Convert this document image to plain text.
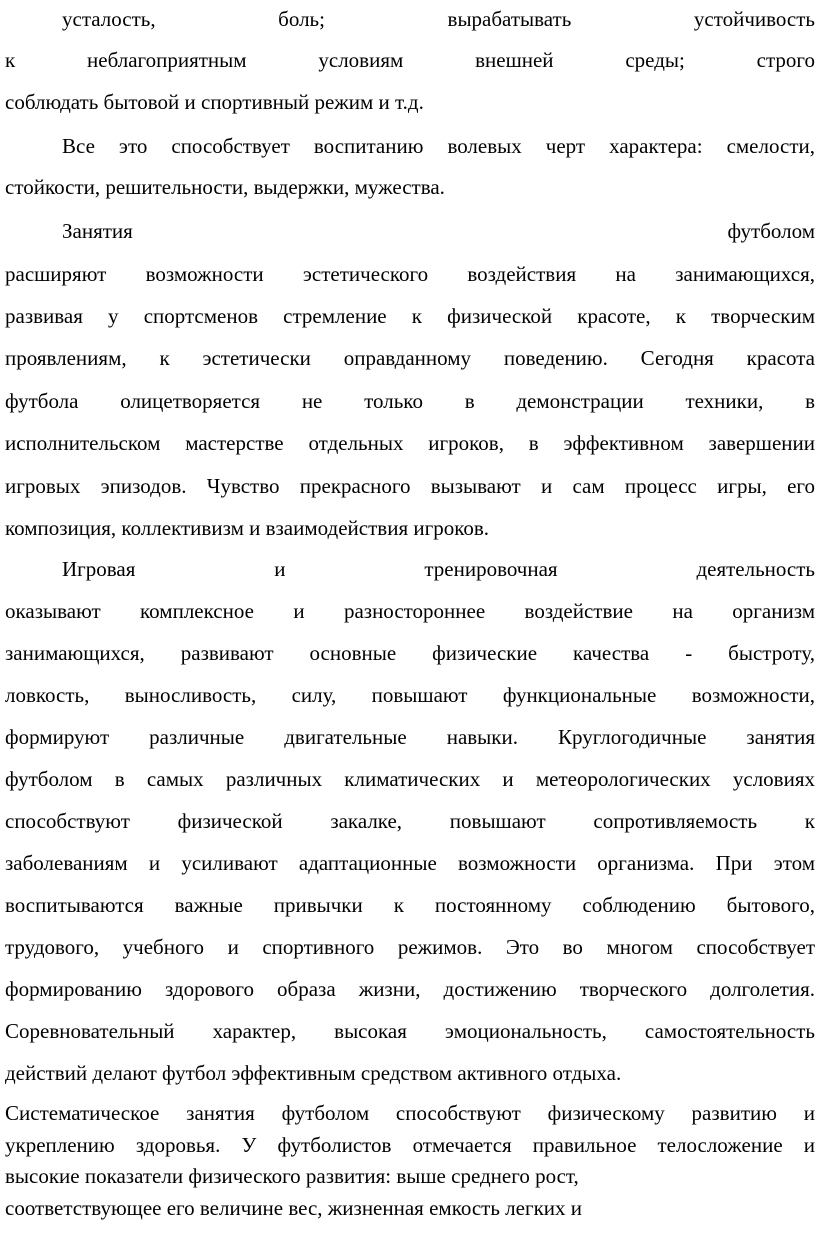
усталость, боль; вырабатывать устойчивость

к неблагоприятным условиям внешней среды; строго

соблюдать бытовой и спортивный режим и т.д.

Все это способствует воспитанию волевых черт характера: смелости,

стойкости, решительности, выдержки, мужества.

Занятия футболом

расширяют возможности эстетического воздействия на занимающихся,

развивая у спортсменов стремление к физической красоте, к творческим

проявлениям, к эстетически оправданному поведению. Сегодня красота

футбола олицетворяется не только в демонстрации техники, в

исполнительском мастерстве отдельных игроков, в эффективном завершении

игровых эпизодов. Чувство прекрасного вызывают и сам процесс игры, его

композиция, коллективизм и взаимодействия игроков.

Игровая и тренировочная деятельность

оказывают комплексное и разностороннее воздействие на организм

занимающихся, развивают основные физические качества - быстроту,

ловкость, выносливость, силу, повышают функциональные возможности,

формируют различные двигательные навыки. Круглогодичные занятия

футболом в самых различных климатических и метеорологических условиях

способствуют физической закалке, повышают сопротивляемость к

заболеваниям и усиливают адаптационные возможности организма. При этом

воспитываются важные привычки к постоянному соблюдению бытового,

трудового, учебного и спортивного режимов. Это во многом способствует

формированию здорового образа жизни, достижению творческого долголетия.

Соревновательный характер, высокая эмоциональность, самостоятельность

действий делают футбол эффективным средством активного отдыха.

Систематическое занятия футболом способствуют физическому развитию и

укреплению здоровья. У футболистов отмечается правильное телосложение и

высокие показатели физического развития: выше среднего рост,

соответствующее его величине вес, жизненная емкость легких и
